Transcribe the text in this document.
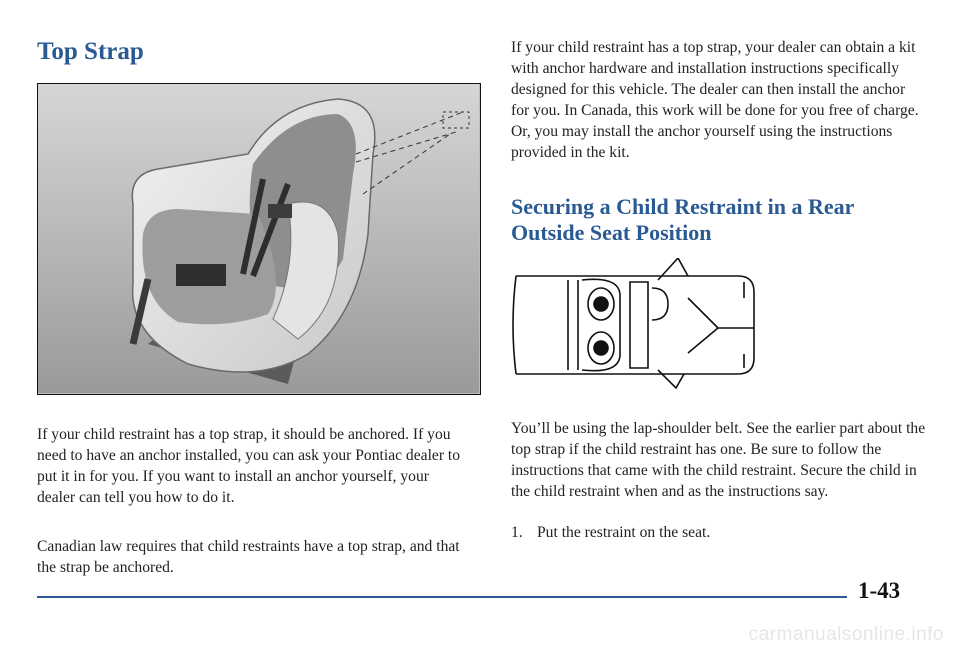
Top Strap

If your child restraint has a top strap, it should be anchored. If you need to have an anchor installed, you can ask your Pontiac dealer to put it in for you. If you want to install an anchor yourself, your dealer can tell you how to do it.

Canadian law requires that child restraints have a top strap, and that the strap be anchored.

If your child restraint has a top strap, your dealer can obtain a kit with anchor hardware and installation instructions specifically designed for this vehicle. The dealer can then install the anchor for you. In Canada, this work will be done for you free of charge. Or, you may install the anchor yourself using the instructions provided in the kit.

Securing a Child Restraint in a Rear Outside Seat Position

You’ll be using the lap-shoulder belt. See the earlier part about the top strap if the child restraint has one. Be sure to follow the instructions that came with the child restraint. Secure the child in the child restraint when and as the instructions say.

1. Put the restraint on the seat.
1-43
carmanualsonline.info
